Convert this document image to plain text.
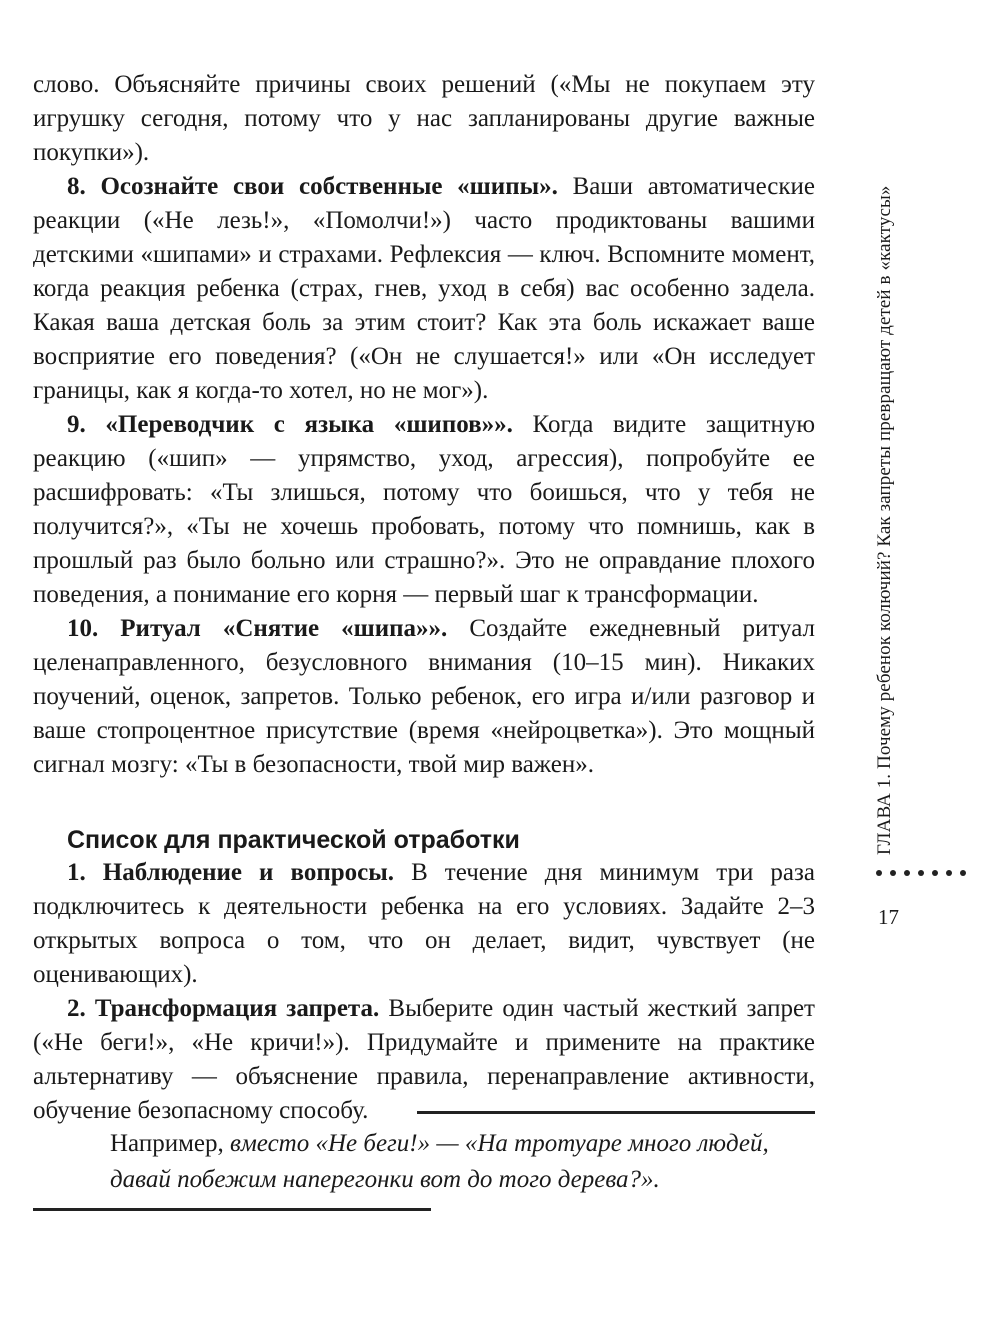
слово. Объясняйте причины своих решений («Мы не покупаем эту игрушку сегодня, потому что у нас запланированы другие важные покупки»).

8. Осознайте свои собственные «шипы». Ваши автоматические реакции («Не лезь!», «Помолчи!») часто продиктованы вашими детскими «шипами» и страхами. Рефлексия — ключ. Вспомните момент, когда реакция ребенка (страх, гнев, уход в себя) вас особенно задела. Какая ваша детская боль за этим стоит? Как эта боль искажает ваше восприятие его поведения? («Он не слушается!» или «Он исследует границы, как я когда-то хотел, но не мог»).

9. «Переводчик с языка «шипов»». Когда видите защитную реакцию («шип» — упрямство, уход, агрессия), попробуйте ее расшифровать: «Ты злишься, потому что боишься, что у тебя не получится?», «Ты не хочешь пробовать, потому что помнишь, как в прошлый раз было больно или страшно?». Это не оправдание плохого поведения, а понимание его корня — первый шаг к трансформации.

10. Ритуал «Снятие «шипа»». Создайте ежедневный ритуал целенаправленного, безусловного внимания (10–15 мин). Никаких поучений, оценок, запретов. Только ребенок, его игра и/или разговор и ваше стопроцентное присутствие (время «нейроцветка»). Это мощный сигнал мозгу: «Ты в безопасности, твой мир важен».

Список для практической отработки

1. Наблюдение и вопросы. В течение дня минимум три раза подключитесь к деятельности ребенка на его условиях. Задайте 2–3 открытых вопроса о том, что он делает, видит, чувствует (не оценивающих).

2. Трансформация запрета. Выберите один частый жесткий запрет («Не беги!», «Не кричи!»). Придумайте и примените на практике альтернативу — объяснение правила, перенаправление активности, обучение безопасному способу.

Например, вместо «Не беги!» — «На тротуаре много людей, давай побежим наперегонки вот до того дерева?».
ГЛАВА 1. Почему ребенок колючий? Как запреты превращают детей в «кактусы»
17
